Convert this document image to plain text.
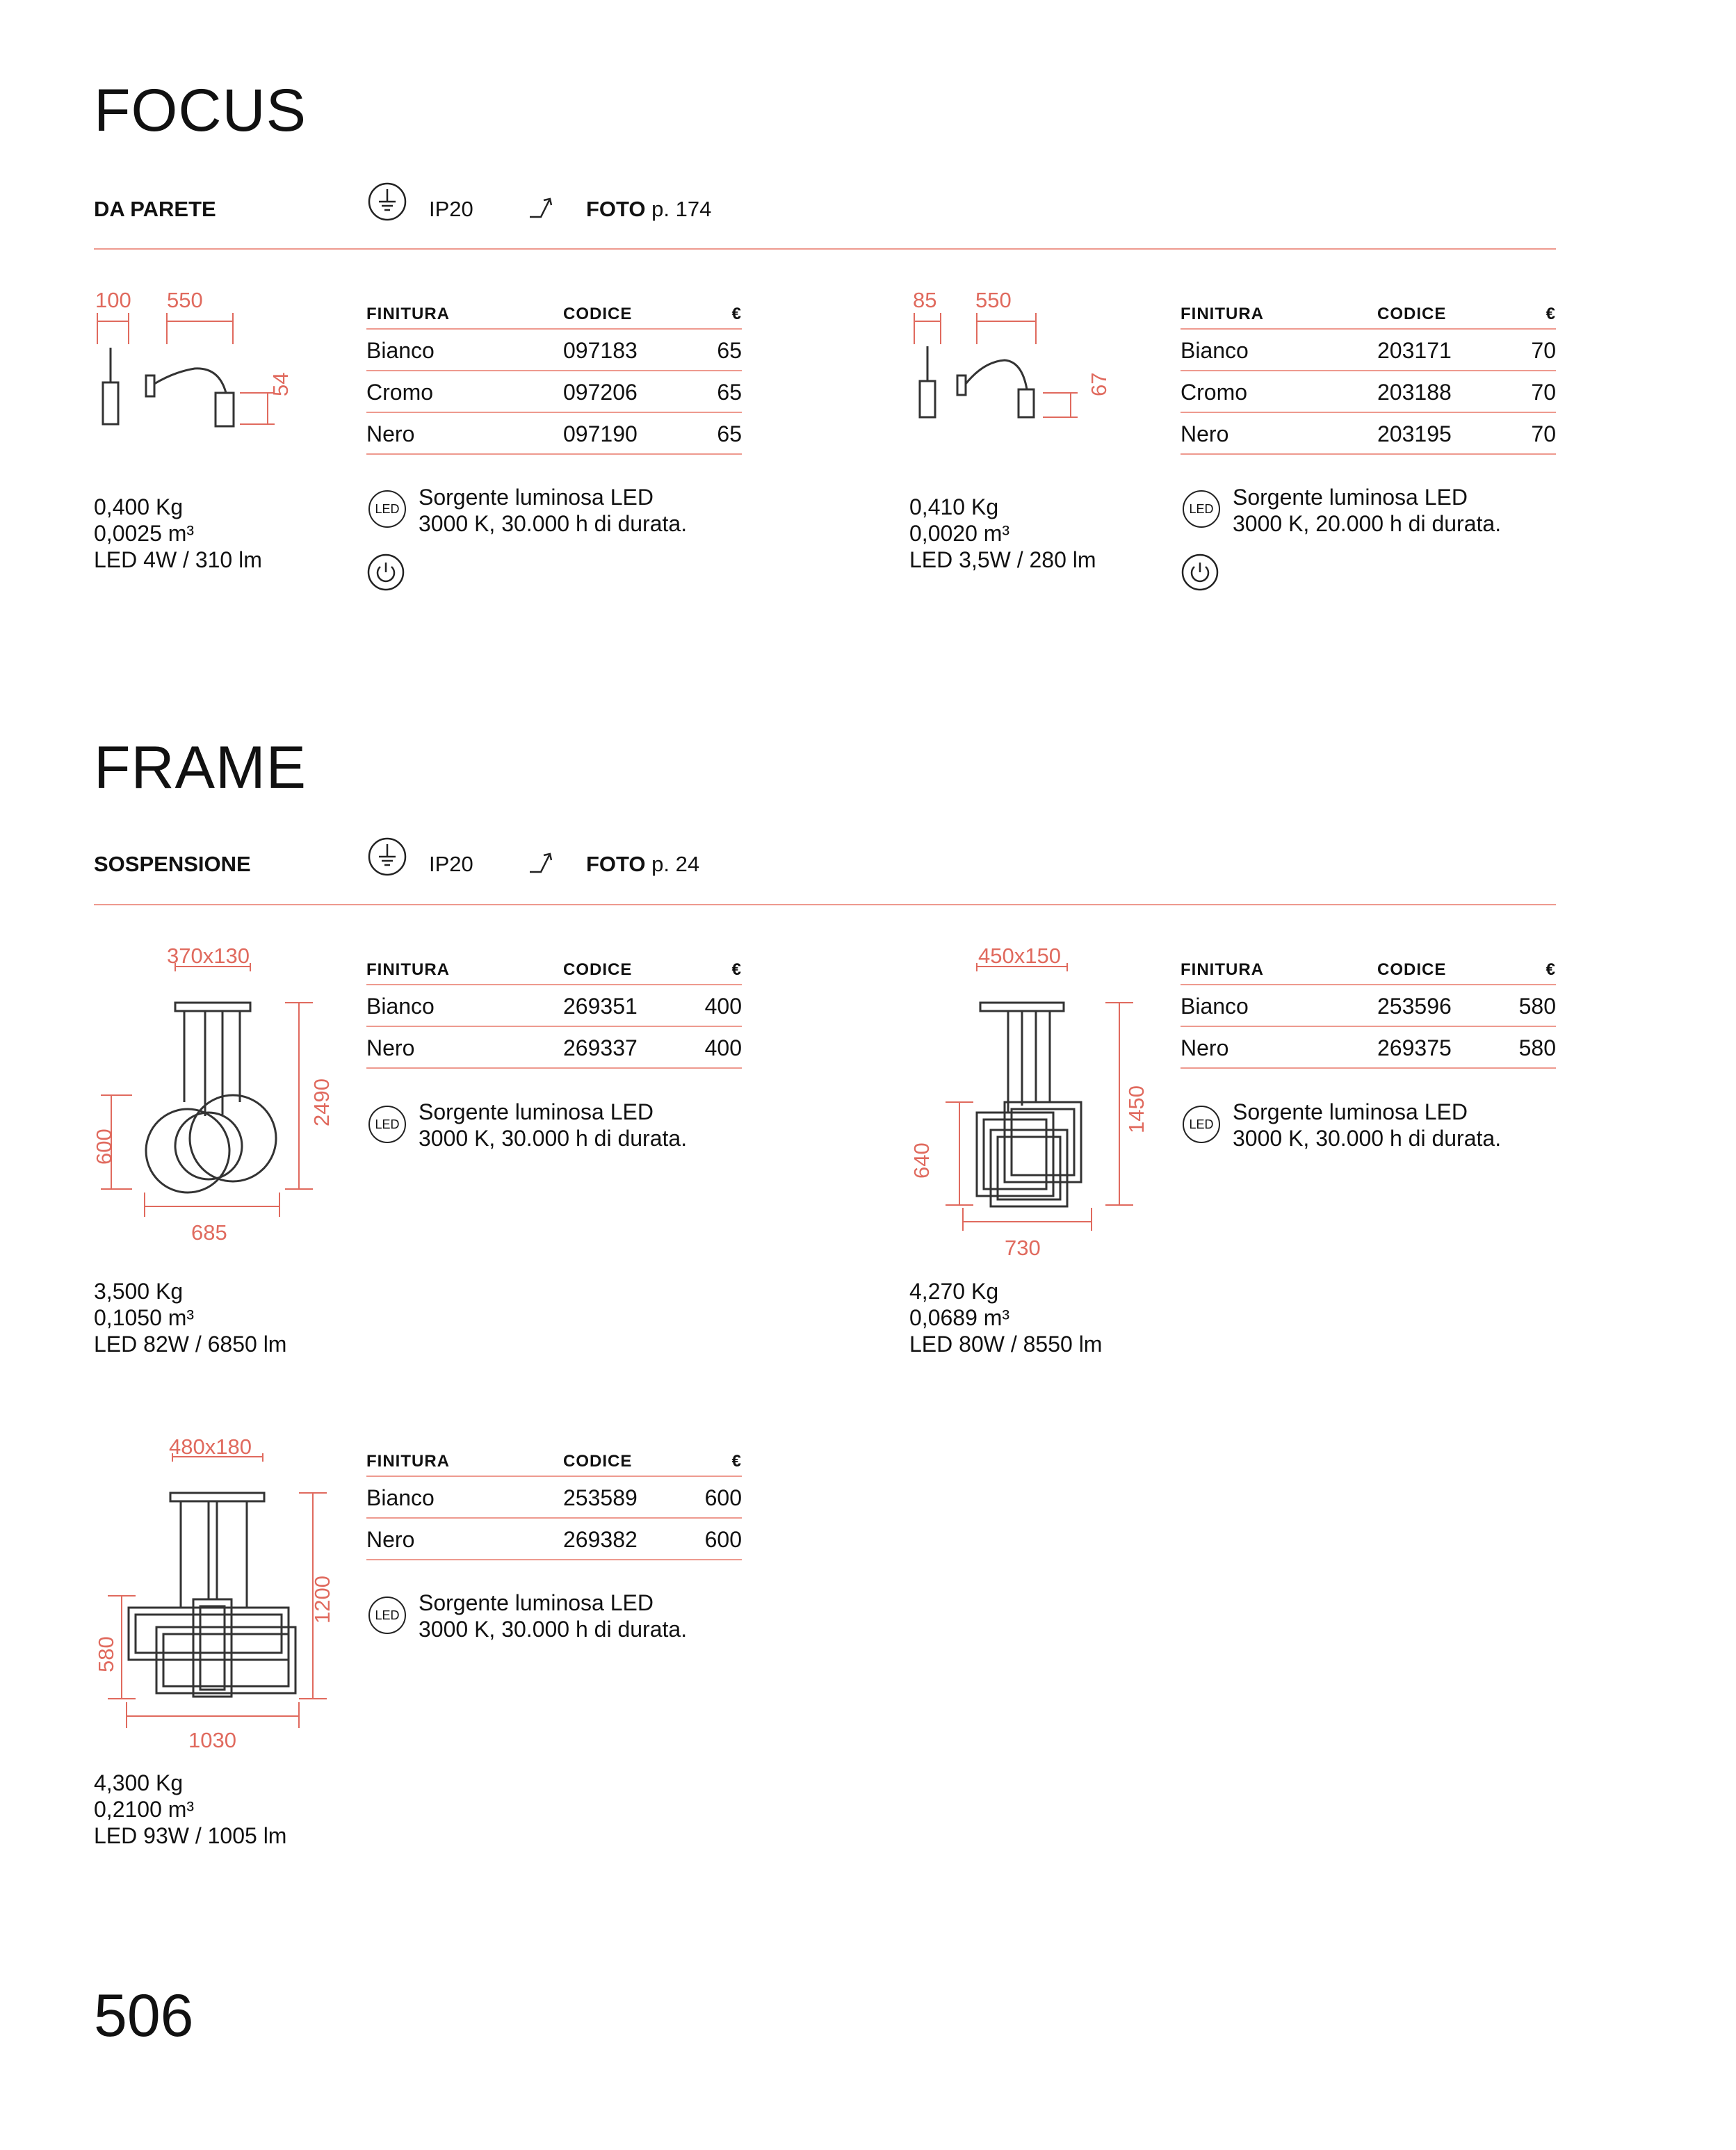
FOCUS
DA PARETE	IP20	FOTO p. 174
100 550
54
FINITURA	CODICE	€
Bianco	097183	65
Cromo	097206	65
Nero	097190	65
0,400 Kg
0,0025 m³
LED 4W / 310 lm
LED Sorgente luminosa LED
3000 K, 30.000 h di durata.
85 550
67
FINITURA	CODICE	€
Bianco	203171	70
Cromo	203188	70
Nero	203195	70
0,410 Kg
0,0020 m³
LED 3,5W / 280 lm
LED Sorgente luminosa LED
3000 K, 20.000 h di durata.
FRAME
SOSPENSIONE	IP20	FOTO p. 24
370x130
2490
600
685
FINITURA	CODICE	€
Bianco	269351	400
Nero	269337	400
LED Sorgente luminosa LED
3000 K, 30.000 h di durata.
3,500 Kg
0,1050 m³
LED 82W / 6850 lm
450x150
1450
640
730
FINITURA	CODICE	€
Bianco	253596	580
Nero	269375	580
LED Sorgente luminosa LED
3000 K, 30.000 h di durata.
4,270 Kg
0,0689 m³
LED 80W / 8550 lm
480x180
1200
580
1030
FINITURA	CODICE	€
Bianco	253589	600
Nero	269382	600
LED Sorgente luminosa LED
3000 K, 30.000 h di durata.
4,300 Kg
0,2100 m³
LED 93W / 1005 lm
506
